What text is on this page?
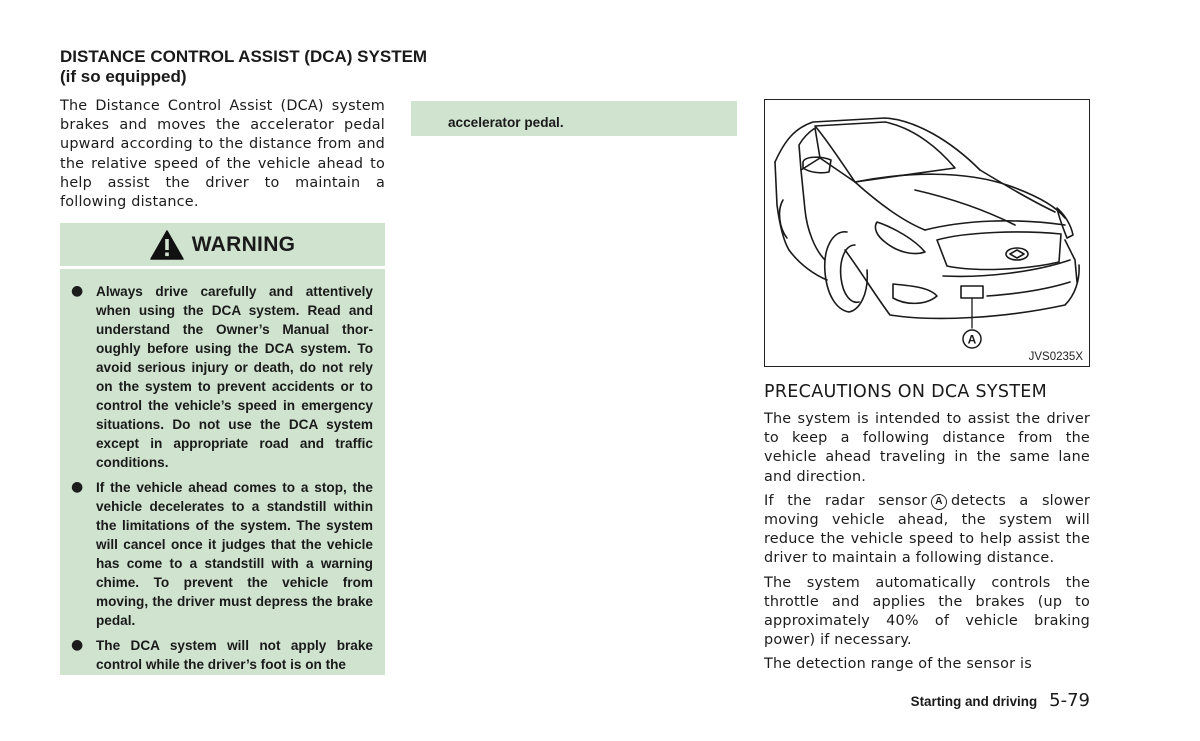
DISTANCE CONTROL ASSIST (DCA) SYSTEM
(if so equipped)

The Distance Control Assist (DCA) system brakes and moves the accelerator pedal upward according to the distance from and the relative speed of the vehicle ahead to help assist the driver to maintain a following distance.

WARNING
● Always drive carefully and attentively when using the DCA system. Read and understand the Owner’s Manual thoroughly before using the DCA system. To avoid serious injury or death, do not rely on the system to prevent accidents or to control the vehicle’s speed in emergency situations. Do not use the DCA system except in appropriate road and traffic conditions.
● If the vehicle ahead comes to a stop, the vehicle decelerates to a standstill within the limitations of the system. The system will cancel once it judges that the vehicle has come to a standstill with a warning chime. To prevent the vehicle from moving, the driver must depress the brake pedal.
● The DCA system will not apply brake control while the driver’s foot is on the
accelerator pedal.
A
JVS0235X
PRECAUTIONS ON DCA SYSTEM

The system is intended to assist the driver to keep a following distance from the vehicle ahead traveling in the same lane and direction.

If the radar sensor A detects a slower moving vehicle ahead, the system will reduce the vehicle speed to help assist the driver to maintain a following distance.

The system automatically controls the throttle and applies the brakes (up to approximately 40% of vehicle braking power) if necessary.

The detection range of the sensor is

Starting and driving 5-79
